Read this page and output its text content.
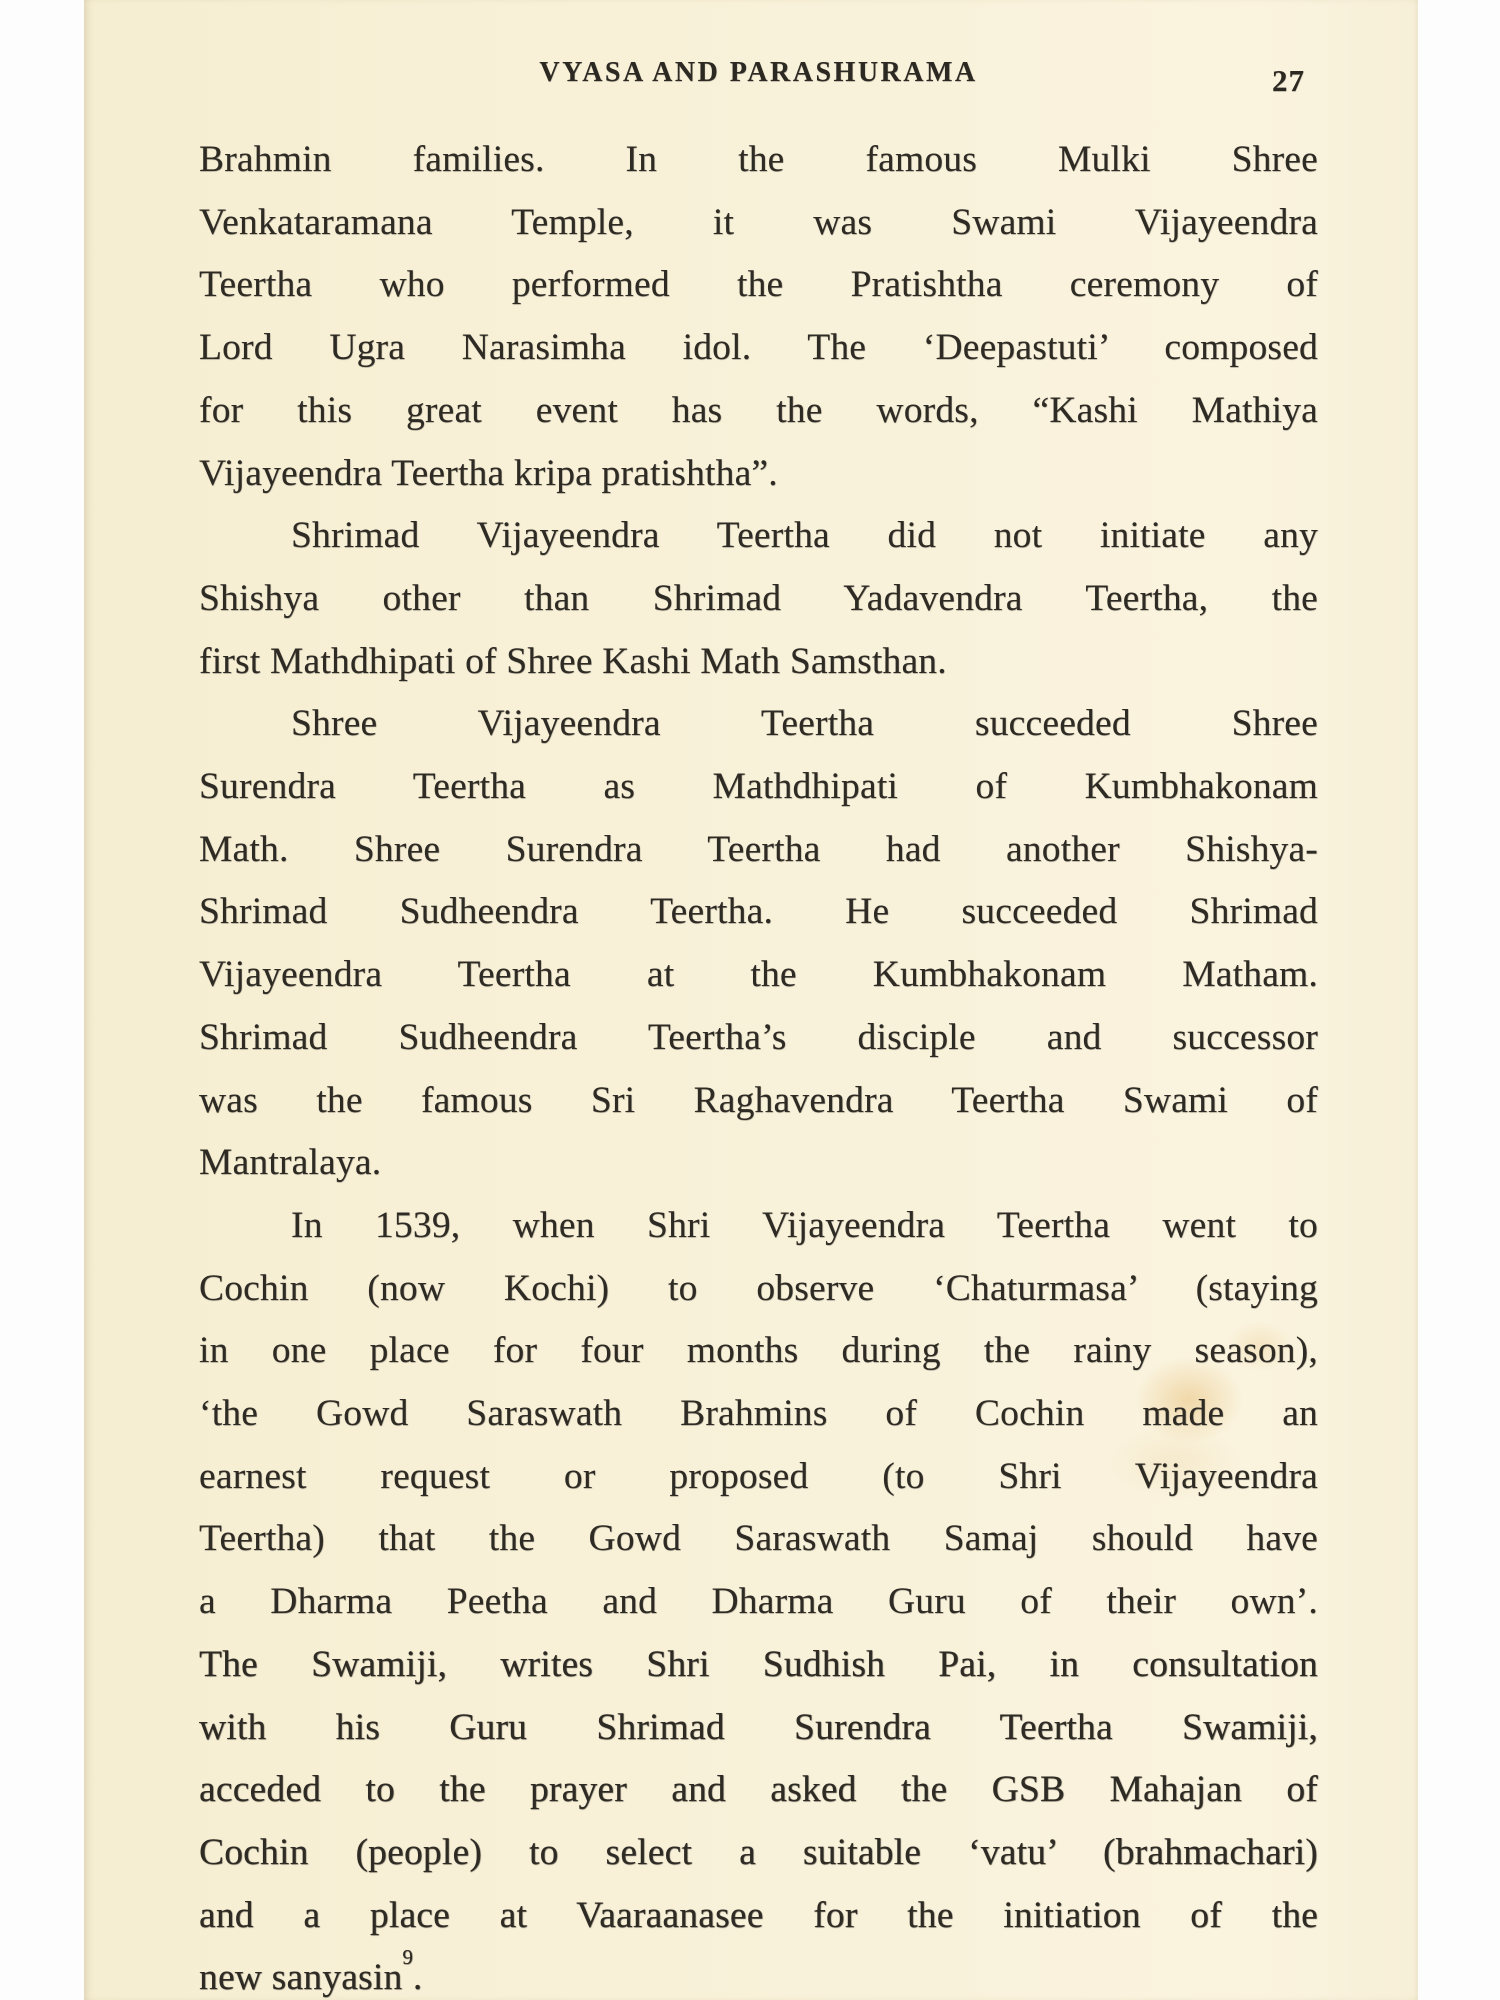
VYASA AND PARASHURAMA	27
Brahmin families. In the famous Mulki Shree
Venkataramana Temple, it was Swami Vijayeendra
Teertha who performed the Pratishtha ceremony of
Lord Ugra Narasimha idol. The ‘Deepastuti’ composed
for this great event has the words, “Kashi Mathiya
Vijayeendra Teertha kripa pratishtha”.
Shrimad Vijayeendra Teertha did not initiate any
Shishya other than Shrimad Yadavendra Teertha, the
first Mathdhipati of Shree Kashi Math Samsthan.
Shree Vijayeendra Teertha succeeded Shree
Surendra Teertha as Mathdhipati of Kumbhakonam
Math. Shree Surendra Teertha had another Shishya-
Shrimad Sudheendra Teertha. He succeeded Shrimad
Vijayeendra Teertha at the Kumbhakonam Matham.
Shrimad Sudheendra Teertha’s disciple and successor
was the famous Sri Raghavendra Teertha Swami of
Mantralaya.
In 1539, when Shri Vijayeendra Teertha went to
Cochin (now Kochi) to observe ‘Chaturmasa’ (staying
in one place for four months during the rainy season),
‘the Gowd Saraswath Brahmins of Cochin made an
earnest request or proposed (to Shri Vijayeendra
Teertha) that the Gowd Saraswath Samaj should have
a Dharma Peetha and Dharma Guru of their own’.
The Swamiji, writes Shri Sudhish Pai, in consultation
with his Guru Shrimad Surendra Teertha Swamiji,
acceded to the prayer and asked the GSB Mahajan of
Cochin (people) to select a suitable ‘vatu’ (brahmachari)
and a place at Vaaraanasee for the initiation of the
new sanyasin$^9$.
